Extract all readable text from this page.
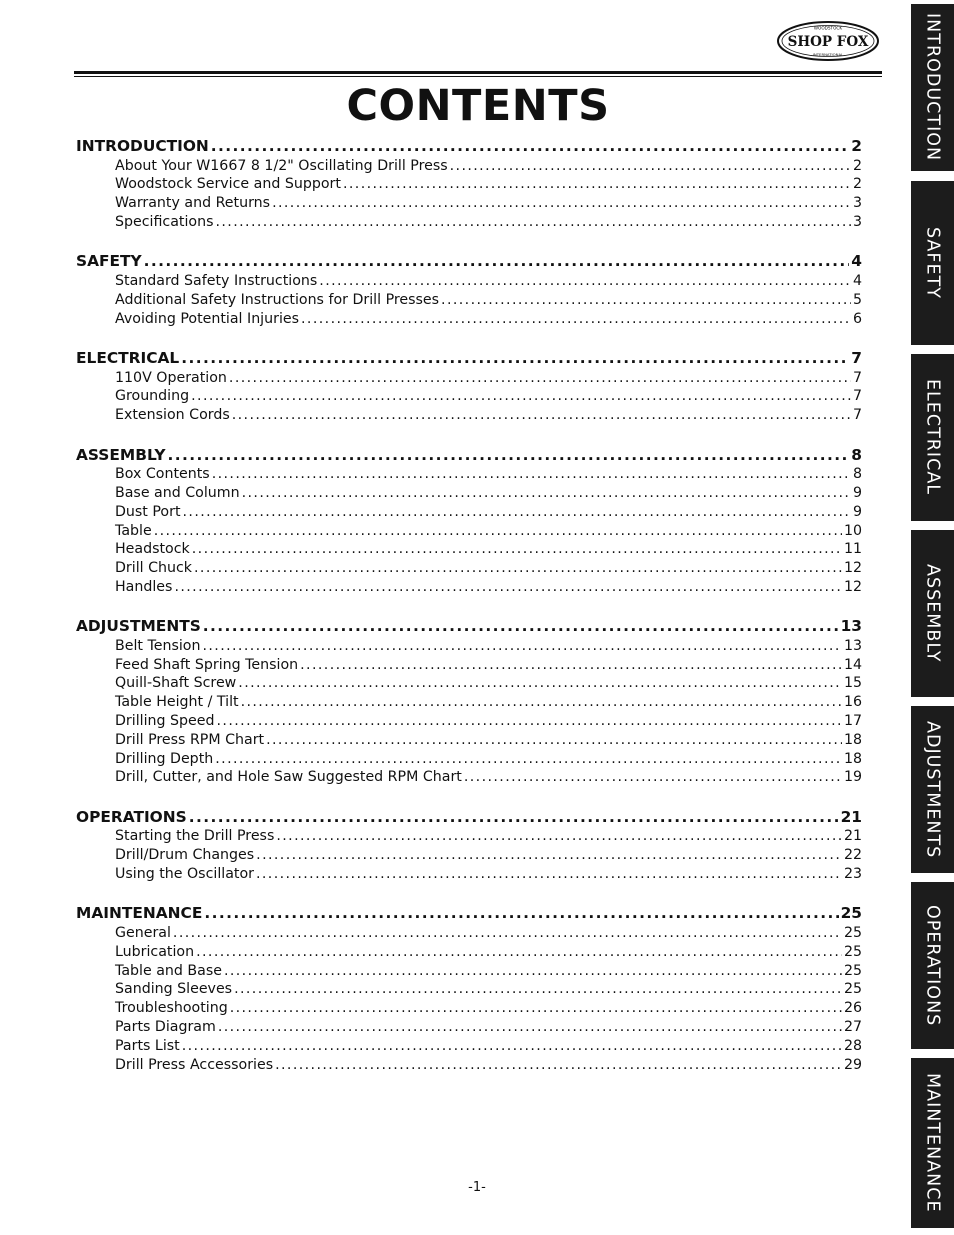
WOODSTOCK
SHOP FOX
INTERNATIONAL
CONTENTS
INTRODUCTION .....	2
About Your W1667 8 1/2" Oscillating Drill Press .....	2
Woodstock Service and Support .....	2
Warranty and Returns .....	3
Specifications .....	3
SAFETY .....	4
Standard Safety Instructions .....	4
Additional Safety Instructions for Drill Presses .....	5
Avoiding Potential Injuries .....	6
ELECTRICAL .....	7
110V Operation .....	7
Grounding .....	7
Extension Cords .....	7
ASSEMBLY .....	8
Box Contents .....	8
Base and Column .....	9
Dust Port .....	9
Table .....	10
Headstock .....	11
Drill Chuck .....	12
Handles .....	12
ADJUSTMENTS .....	13
Belt Tension .....	13
Feed Shaft Spring Tension .....	14
Quill-Shaft Screw .....	15
Table Height / Tilt .....	16
Drilling Speed .....	17
Drill Press RPM Chart .....	18
Drilling Depth .....	18
Drill, Cutter, and Hole Saw Suggested RPM Chart .....	19
OPERATIONS .....	21
Starting the Drill Press .....	21
Drill/Drum Changes .....	22
Using the Oscillator .....	23
MAINTENANCE .....	25
General .....	25
Lubrication .....	25
Table and Base .....	25
Sanding Sleeves .....	25
Troubleshooting .....	26
Parts Diagram .....	27
Parts List .....	28
Drill Press Accessories .....	29
INTRODUCTION
SAFETY
ELECTRICAL
ASSEMBLY
ADJUSTMENTS
OPERATIONS
MAINTENANCE
-1-
